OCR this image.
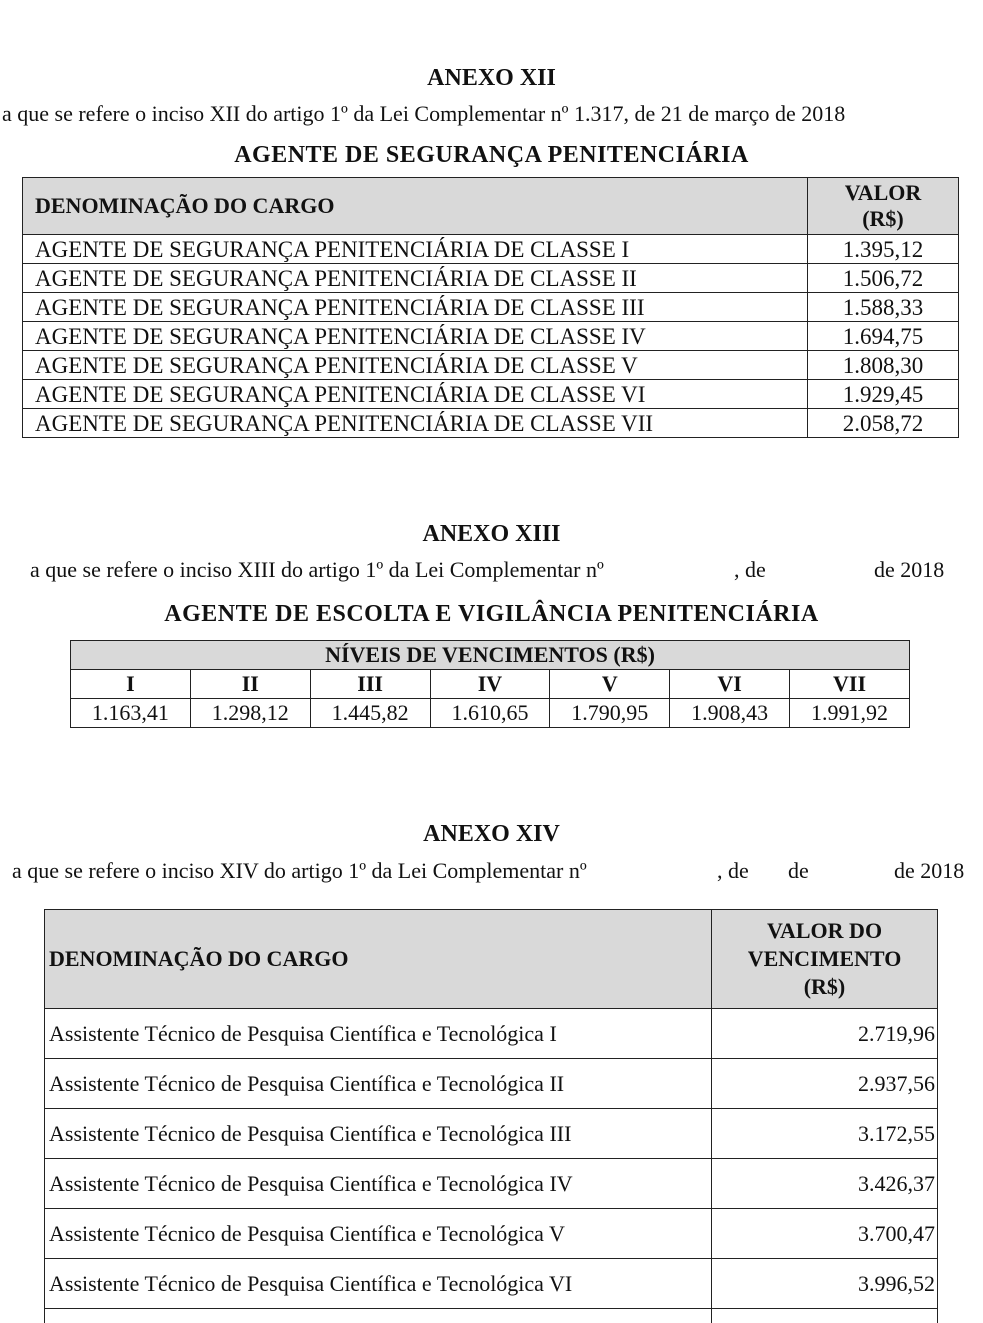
ANEXO XII
a que se refere o inciso XII do artigo 1º da Lei Complementar nº 1.317, de 21 de março de 2018
AGENTE DE SEGURANÇA PENITENCIÁRIA
DENOMINAÇÃO DO CARGO	VALOR
(R$)
AGENTE DE SEGURANÇA PENITENCIÁRIA DE CLASSE I	1.395,12
AGENTE DE SEGURANÇA PENITENCIÁRIA DE CLASSE II	1.506,72
AGENTE DE SEGURANÇA PENITENCIÁRIA DE CLASSE III	1.588,33
AGENTE DE SEGURANÇA PENITENCIÁRIA DE CLASSE IV	1.694,75
AGENTE DE SEGURANÇA PENITENCIÁRIA DE CLASSE V	1.808,30
AGENTE DE SEGURANÇA PENITENCIÁRIA DE CLASSE VI	1.929,45
AGENTE DE SEGURANÇA PENITENCIÁRIA DE CLASSE VII	2.058,72
ANEXO XIII
a que se refere o inciso XIII do artigo 1º da Lei Complementar nº	, de	de 2018
AGENTE DE ESCOLTA E VIGILÂNCIA PENITENCIÁRIA
NÍVEIS DE VENCIMENTOS (R$)						
I	II	III	IV	V	VI	VII
1.163,41	1.298,12	1.445,82	1.610,65	1.790,95	1.908,43	1.991,92
ANEXO XIV
a que se refere o inciso XIV do artigo 1º da Lei Complementar nº	, de de	de 2018
DENOMINAÇÃO DO CARGO	VALOR DO
VENCIMENTO
(R$)
Assistente Técnico de Pesquisa Científica e Tecnológica I	2.719,96
Assistente Técnico de Pesquisa Científica e Tecnológica II	2.937,56
Assistente Técnico de Pesquisa Científica e Tecnológica III	3.172,55
Assistente Técnico de Pesquisa Científica e Tecnológica IV	3.426,37
Assistente Técnico de Pesquisa Científica e Tecnológica V	3.700,47
Assistente Técnico de Pesquisa Científica e Tecnológica VI	3.996,52
